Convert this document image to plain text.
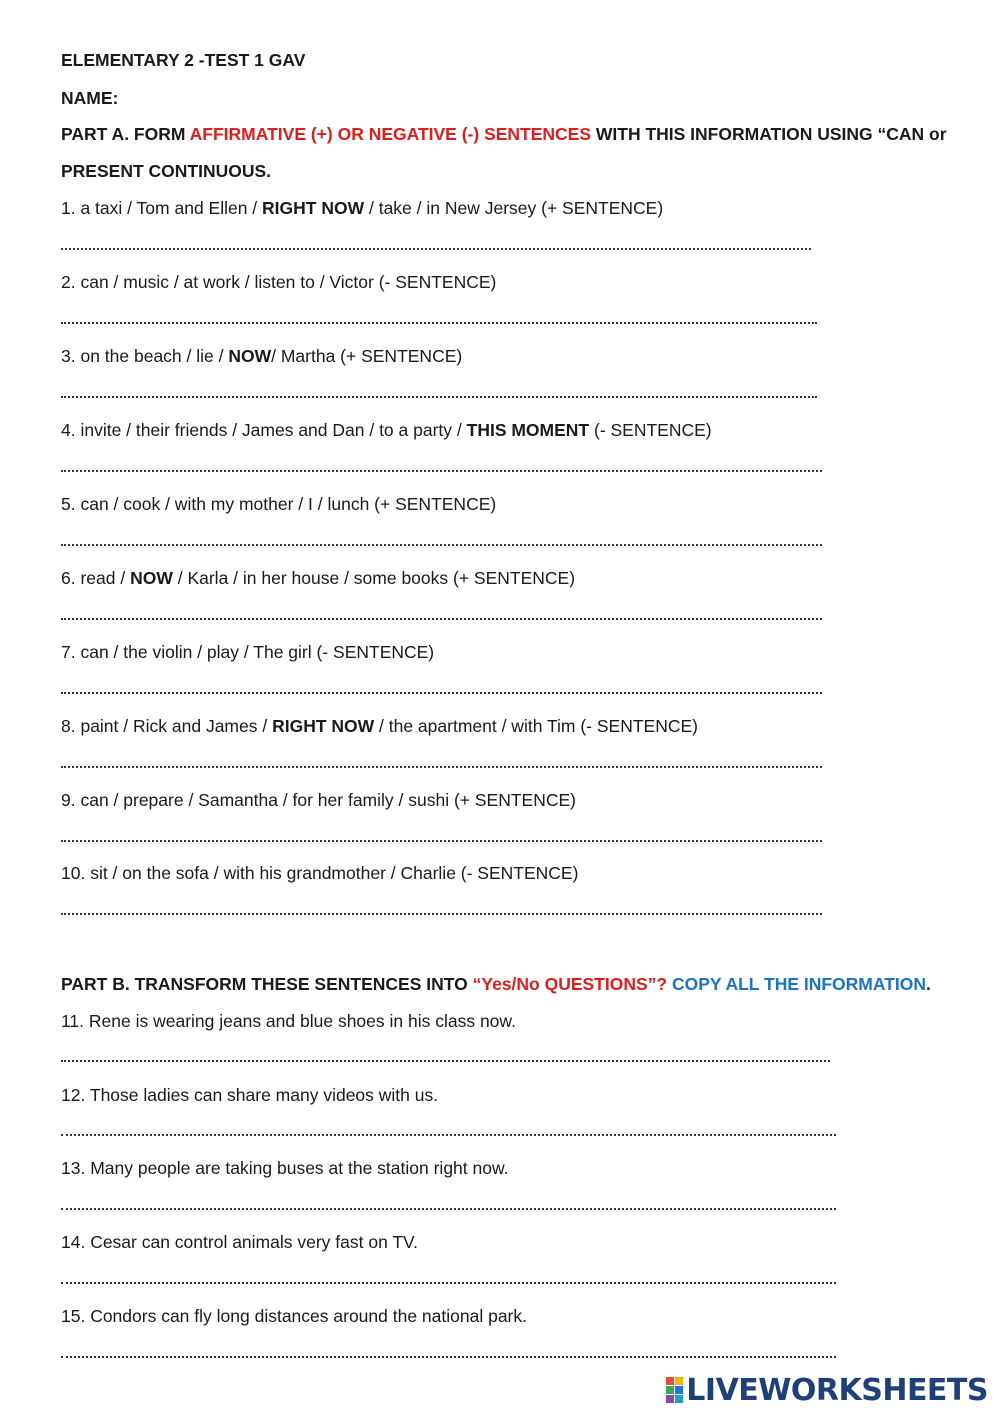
ELEMENTARY 2 -TEST 1 GAV
NAME:
PART A. FORM AFFIRMATIVE (+) OR NEGATIVE (-) SENTENCES WITH THIS INFORMATION USING “CAN or
PRESENT CONTINUOUS.
1. a taxi / Tom and Ellen / RIGHT NOW / take / in New Jersey (+ SENTENCE)
2. can / music / at work / listen to / Victor (- SENTENCE)
3. on the beach / lie / NOW/ Martha (+ SENTENCE)
4. invite / their friends / James and Dan / to a party / THIS MOMENT (- SENTENCE)
5. can / cook / with my mother / I / lunch (+ SENTENCE)
6. read / NOW / Karla / in her house / some books (+ SENTENCE)
7. can / the violin / play / The girl (- SENTENCE)
8. paint / Rick and James / RIGHT NOW / the apartment / with Tim (- SENTENCE)
9. can / prepare / Samantha / for her family / sushi (+ SENTENCE)
10. sit / on the sofa / with his grandmother / Charlie (- SENTENCE)
PART B. TRANSFORM THESE SENTENCES INTO “Yes/No QUESTIONS”? COPY ALL THE INFORMATION.
11. Rene is wearing jeans and blue shoes in his class now.
12. Those ladies can share many videos with us.
13. Many people are taking buses at the station right now.
14. Cesar can control animals very fast on TV.
15. Condors can fly long distances around the national park.
LIVEWORKSHEETS
